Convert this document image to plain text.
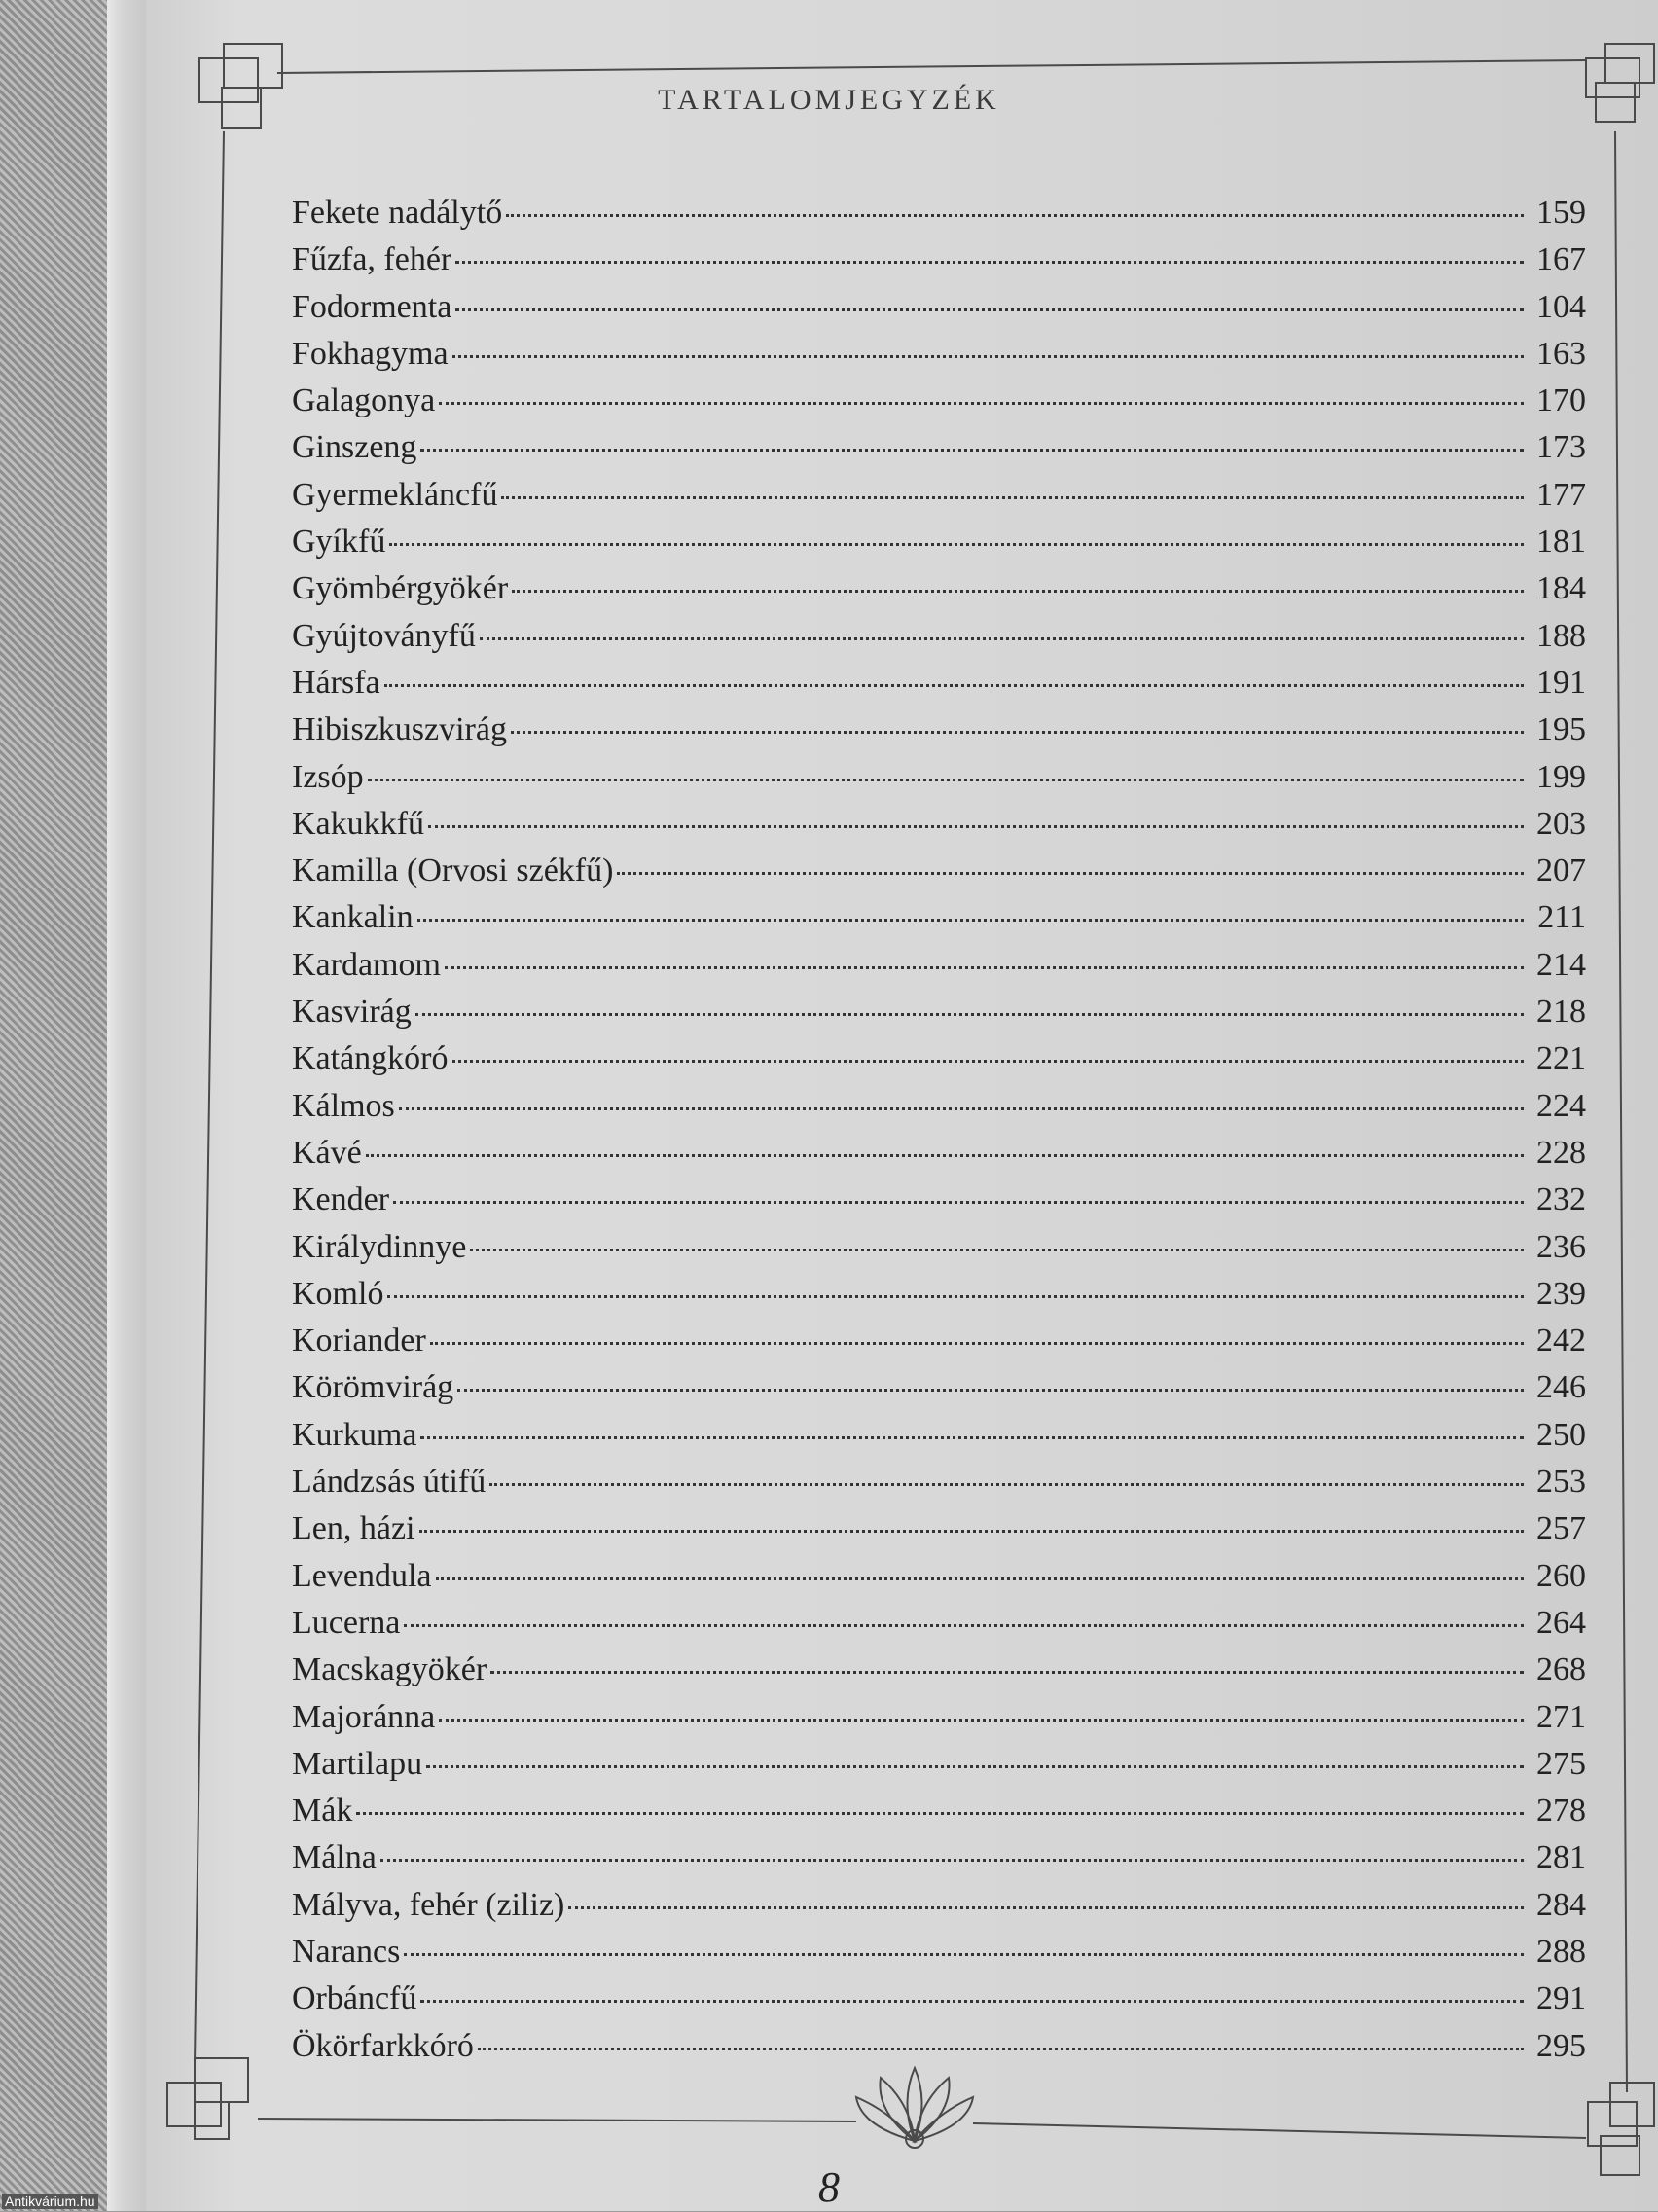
TARTALOMJEGYZÉK
Fekete nadálytő	159
Fűzfa, fehér	167
Fodormenta	104
Fokhagyma	163
Galagonya	170
Ginszeng	173
Gyermekláncfű	177
Gyíkfű	181
Gyömbérgyökér	184
Gyújtoványfű	188
Hársfa	191
Hibiszkuszvirág	195
Izsóp	199
Kakukkfű	203
Kamilla (Orvosi székfű)	207
Kankalin	211
Kardamom	214
Kasvirág	218
Katángkóró	221
Kálmos	224
Kávé	228
Kender	232
Királydinnye	236
Komló	239
Koriander	242
Körömvirág	246
Kurkuma	250
Lándzsás útifű	253
Len, házi	257
Levendula	260
Lucerna	264
Macskagyökér	268
Majoránna	271
Martilapu	275
Mák	278
Málna	281
Mályva, fehér (ziliz)	284
Narancs	288
Orbáncfű	291
Ökörfarkkóró	295
8
Antikvárium.hu
